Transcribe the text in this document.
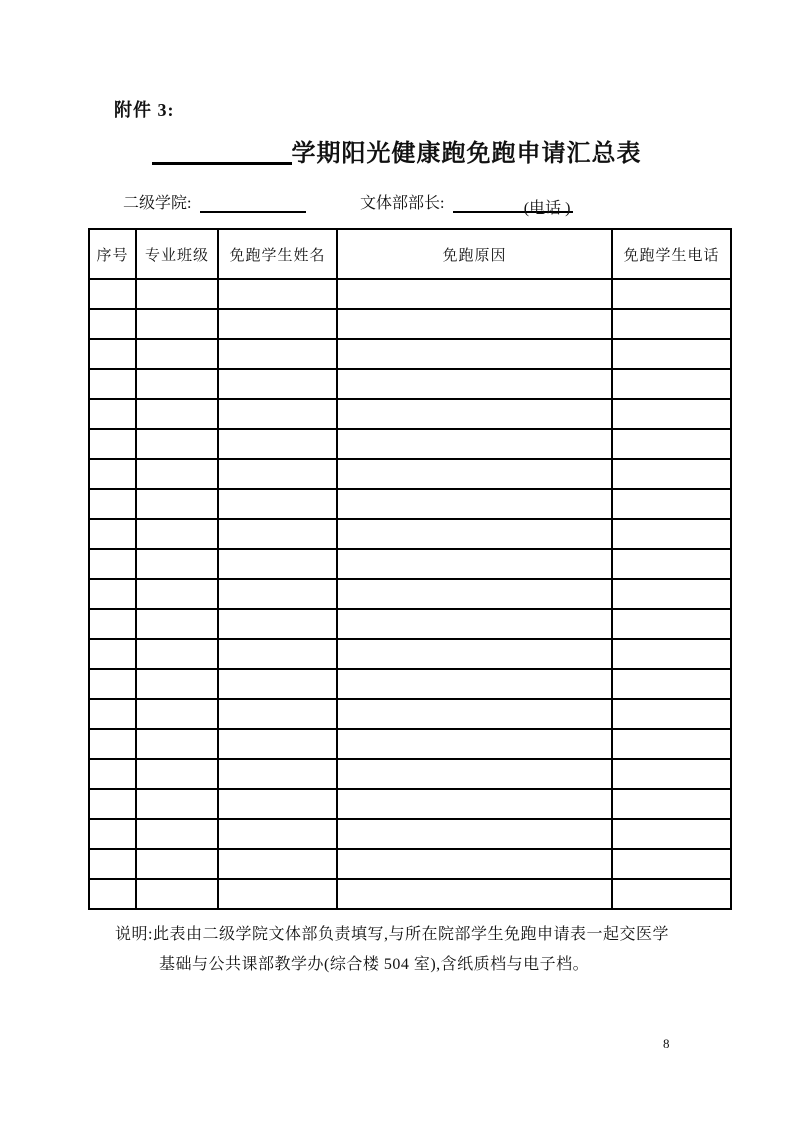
附件 3:
学期阳光健康跑免跑申请汇总表
二级学院:	文体部部长:	(电话 )
序号	专业班级	免跑学生姓名	免跑原因	免跑学生电话

说明:此表由二级学院文体部负责填写,与所在院部学生免跑申请表一起交医学
基础与公共课部教学办(综合楼 504 室),含纸质档与电子档。
8
